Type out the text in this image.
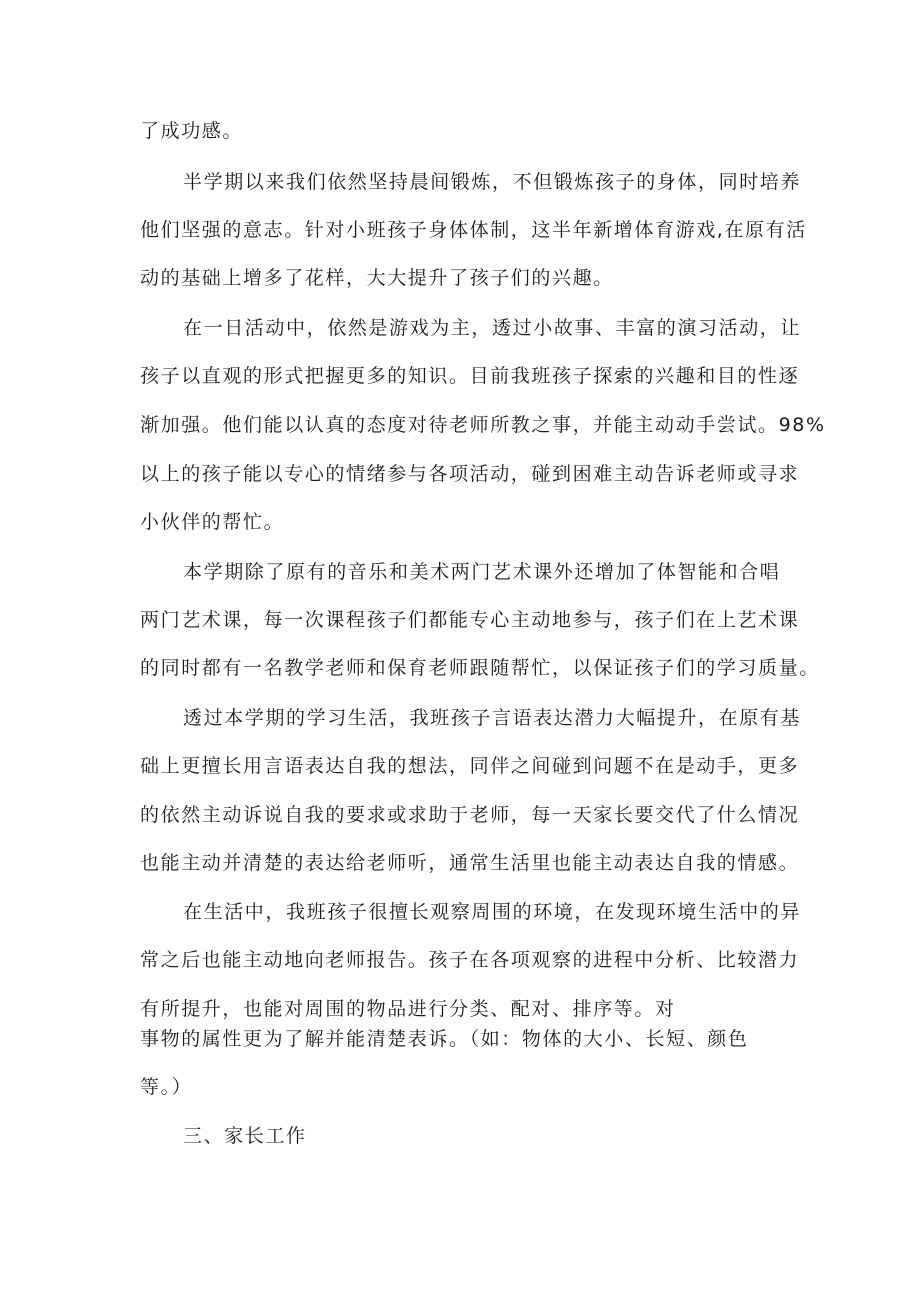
了成功感。
半学期以来我们依然坚持晨间锻炼，不但锻炼孩子的身体，同时培养
他们坚强的意志。针对小班孩子身体体制，这半年新增体育游戏,在原有活
动的基础上增多了花样，大大提升了孩子们的兴趣。
在一日活动中，依然是游戏为主，透过小故事、丰富的演习活动，让
孩子以直观的形式把握更多的知识。目前我班孩子探索的兴趣和目的性逐
渐加强。他们能以认真的态度对待老师所教之事，并能主动动手尝试。98%
以上的孩子能以专心的情绪参与各项活动，碰到困难主动告诉老师或寻求
小伙伴的帮忙。
本学期除了原有的音乐和美术两门艺术课外还增加了体智能和合唱
两门艺术课，每一次课程孩子们都能专心主动地参与，孩子们在上艺术课
的同时都有一名教学老师和保育老师跟随帮忙，以保证孩子们的学习质量。
透过本学期的学习生活，我班孩子言语表达潜力大幅提升，在原有基
础上更擅长用言语表达自我的想法，同伴之间碰到问题不在是动手，更多
的依然主动诉说自我的要求或求助于老师，每一天家长要交代了什么情况
也能主动并清楚的表达给老师听，通常生活里也能主动表达自我的情感。
在生活中，我班孩子很擅长观察周围的环境，在发现环境生活中的异
常之后也能主动地向老师报告。孩子在各项观察的进程中分析、比较潜力
有所提升，也能对周围的物品进行分类、配对、排序等。对
事物的属性更为了解并能清楚表诉。（如：物体的大小、长短、颜色
等。）
三、家长工作
